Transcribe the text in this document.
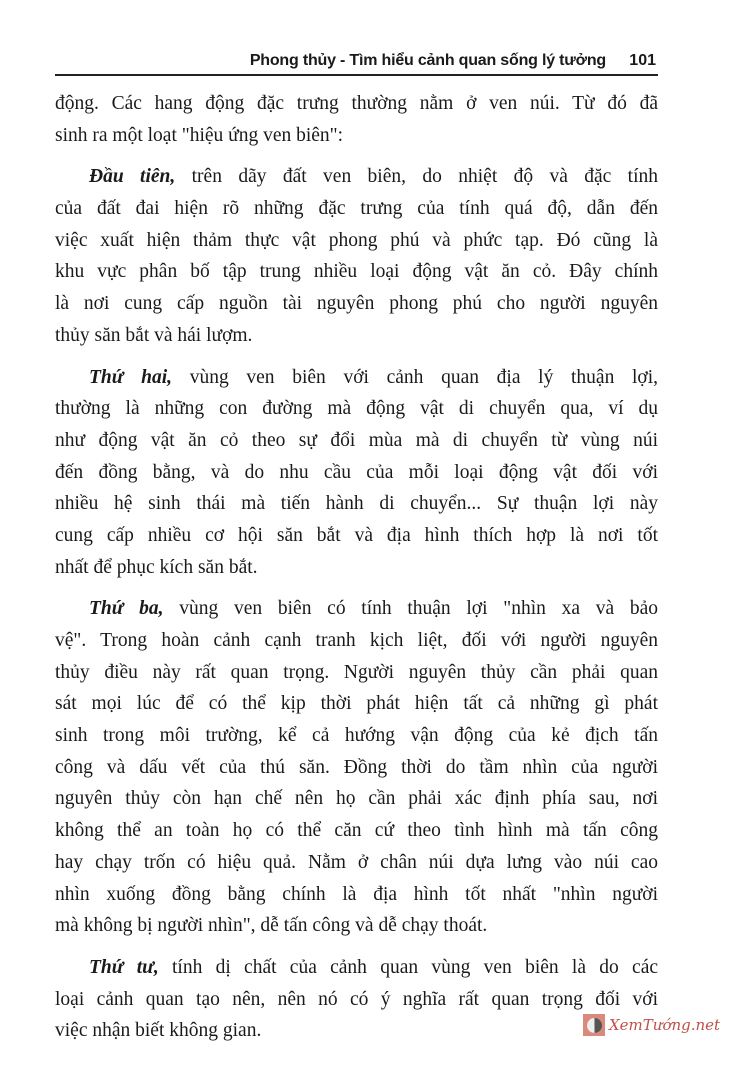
Phong thủy - Tìm hiểu cảnh quan sống lý tưởng 101
động. Các hang động đặc trưng thường nằm ở ven núi. Từ đó đã
sinh ra một loạt "hiệu ứng ven biên":
Đầu tiên, trên dãy đất ven biên, do nhiệt độ và đặc tính
của đất đai hiện rõ những đặc trưng của tính quá độ, dẫn đến
việc xuất hiện thảm thực vật phong phú và phức tạp. Đó cũng là
khu vực phân bố tập trung nhiều loại động vật ăn cỏ. Đây chính
là nơi cung cấp nguồn tài nguyên phong phú cho người nguyên
thủy săn bắt và hái lượm.
Thứ hai, vùng ven biên với cảnh quan địa lý thuận lợi,
thường là những con đường mà động vật di chuyển qua, ví dụ
như động vật ăn cỏ theo sự đổi mùa mà di chuyển từ vùng núi
đến đồng bằng, và do nhu cầu của mỗi loại động vật đối với
nhiều hệ sinh thái mà tiến hành di chuyển... Sự thuận lợi này
cung cấp nhiều cơ hội săn bắt và địa hình thích hợp là nơi tốt
nhất để phục kích săn bắt.
Thứ ba, vùng ven biên có tính thuận lợi "nhìn xa và bảo
vệ". Trong hoàn cảnh cạnh tranh kịch liệt, đối với người nguyên
thủy điều này rất quan trọng. Người nguyên thủy cần phải quan
sát mọi lúc để có thể kịp thời phát hiện tất cả những gì phát
sinh trong môi trường, kể cả hướng vận động của kẻ địch tấn
công và dấu vết của thú săn. Đồng thời do tầm nhìn của người
nguyên thủy còn hạn chế nên họ cần phải xác định phía sau, nơi
không thể an toàn họ có thể căn cứ theo tình hình mà tấn công
hay chạy trốn có hiệu quả. Nằm ở chân núi dựa lưng vào núi cao
nhìn xuống đồng bằng chính là địa hình tốt nhất "nhìn người
mà không bị người nhìn", dễ tấn công và dễ chạy thoát.
Thứ tư, tính dị chất của cảnh quan vùng ven biên là do các
loại cảnh quan tạo nên, nên nó có ý nghĩa rất quan trọng đối với
việc nhận biết không gian.	XemTướng.net
